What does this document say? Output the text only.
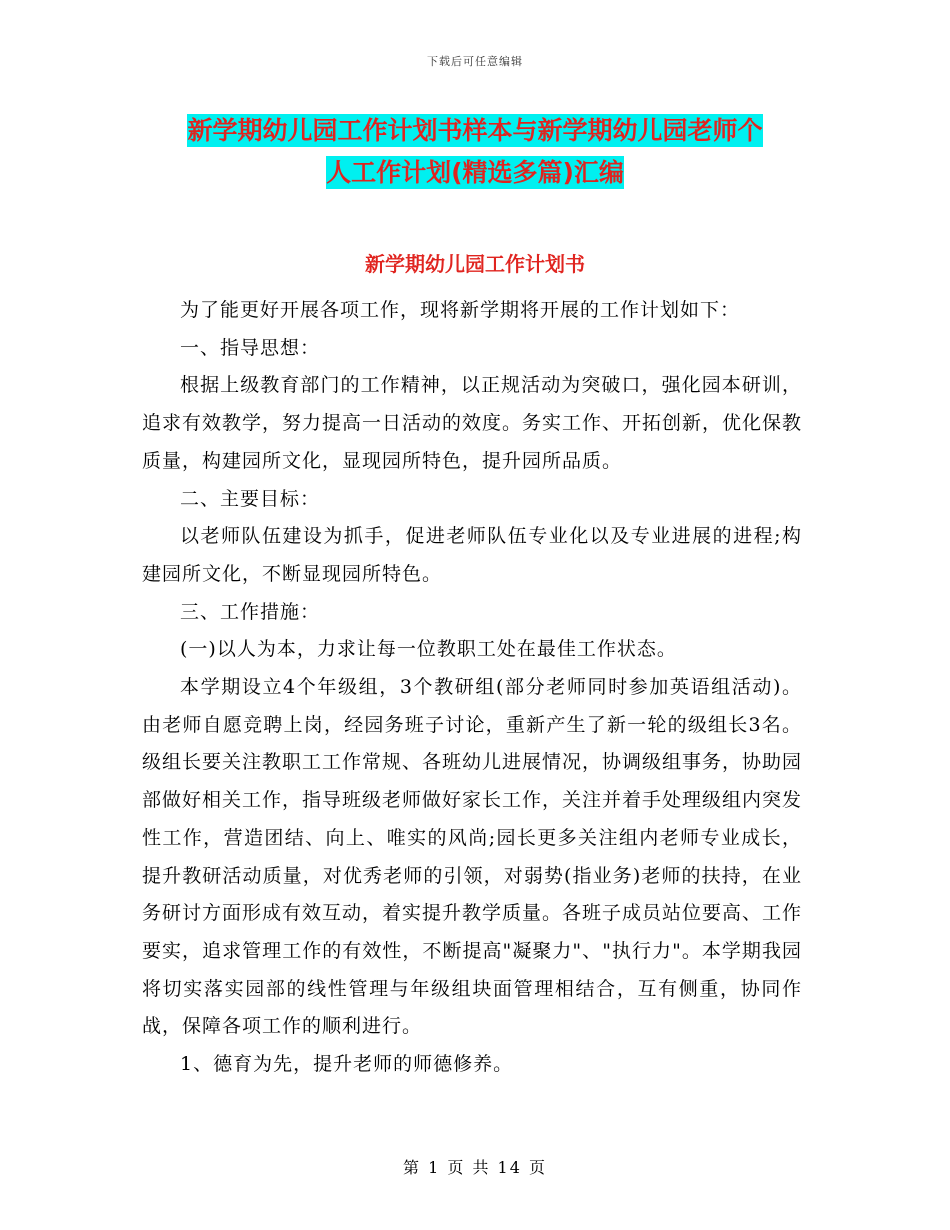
下载后可任意编辑
新学期幼儿园工作计划书样本与新学期幼儿园老师个
人工作计划(精选多篇)汇编
新学期幼儿园工作计划书

为了能更好开展各项工作，现将新学期将开展的工作计划如下：

一、指导思想：

根据上级教育部门的工作精神，以正规活动为突破口，强化园本研训，追求有效教学，努力提高一日活动的效度。务实工作、开拓创新，优化保教质量，构建园所文化，显现园所特色，提升园所品质。

二、主要目标：

以老师队伍建设为抓手，促进老师队伍专业化以及专业进展的进程;构建园所文化，不断显现园所特色。

三、工作措施：

(一)以人为本，力求让每一位教职工处在最佳工作状态。

本学期设立4个年级组，3个教研组(部分老师同时参加英语组活动)。由老师自愿竞聘上岗，经园务班子讨论，重新产生了新一轮的级组长3名。级组长要关注教职工工作常规、各班幼儿进展情况，协调级组事务，协助园部做好相关工作，指导班级老师做好家长工作，关注并着手处理级组内突发性工作，营造团结、向上、唯实的风尚;园长更多关注组内老师专业成长，提升教研活动质量，对优秀老师的引领，对弱势(指业务)老师的扶持，在业务研讨方面形成有效互动，着实提升教学质量。各班子成员站位要高、工作要实，追求管理工作的有效性，不断提高"凝聚力"、"执行力"。本学期我园将切实落实园部的线性管理与年级组块面管理相结合，互有侧重，协同作战，保障各项工作的顺利进行。

1、德育为先，提升老师的师德修养。

第 1 页 共 14 页
